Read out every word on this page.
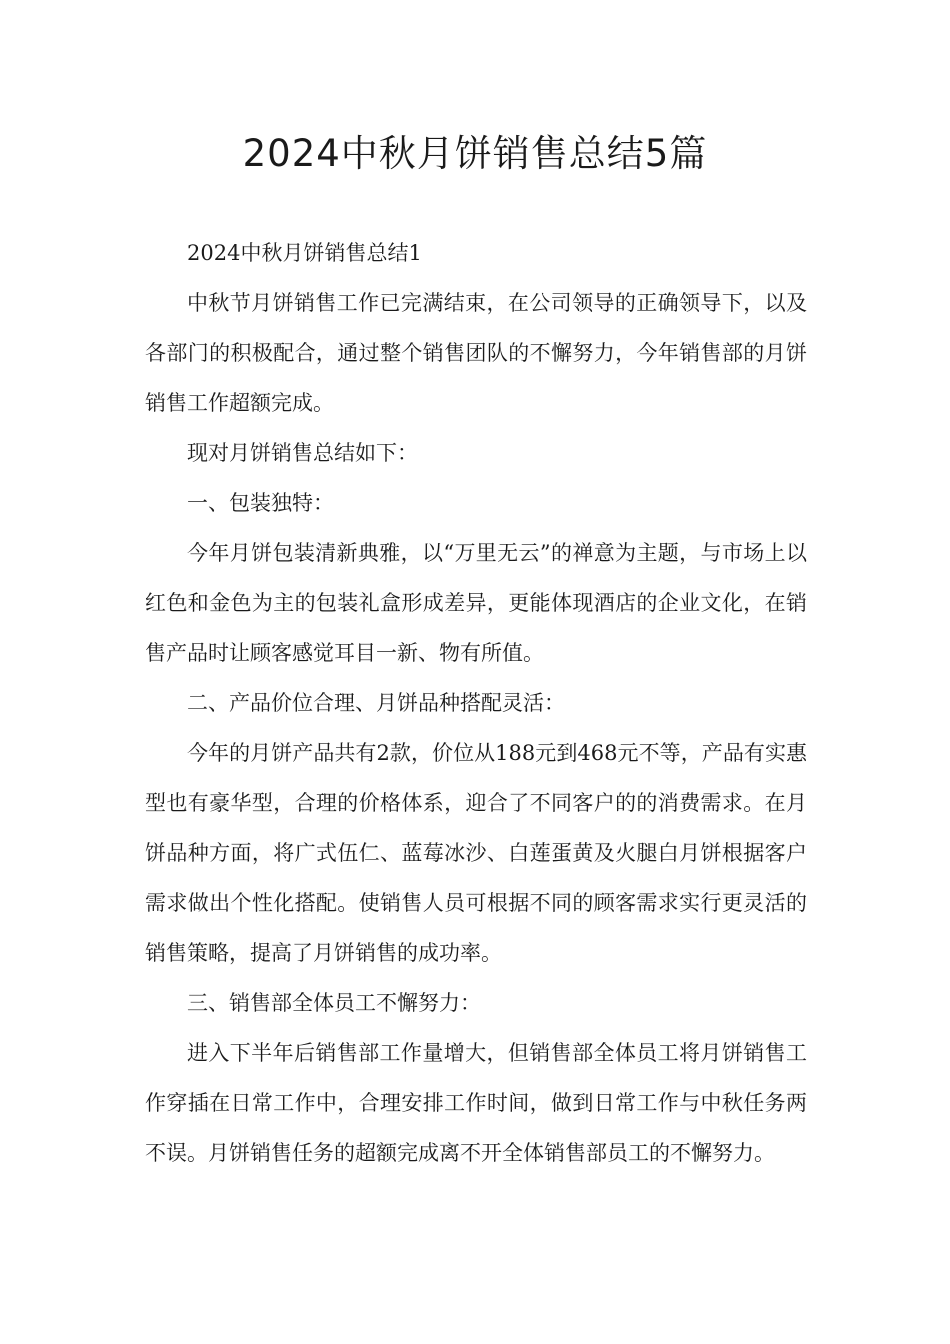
2024中秋月饼销售总结5篇

2024中秋月饼销售总结1

中秋节月饼销售工作已完满结束，在公司领导的正确领导下，以及各部门的积极配合，通过整个销售团队的不懈努力，今年销售部的月饼销售工作超额完成。

现对月饼销售总结如下：

一、包装独特：

今年月饼包装清新典雅，以“万里无云”的禅意为主题，与市场上以红色和金色为主的包装礼盒形成差异，更能体现酒店的企业文化，在销售产品时让顾客感觉耳目一新、物有所值。

二、产品价位合理、月饼品种搭配灵活：

今年的月饼产品共有2款，价位从188元到468元不等，产品有实惠型也有豪华型，合理的价格体系，迎合了不同客户的的消费需求。在月饼品种方面，将广式伍仁、蓝莓冰沙、白莲蛋黄及火腿白月饼根据客户需求做出个性化搭配。使销售人员可根据不同的顾客需求实行更灵活的销售策略，提高了月饼销售的成功率。

三、销售部全体员工不懈努力：

进入下半年后销售部工作量增大，但销售部全体员工将月饼销售工作穿插在日常工作中，合理安排工作时间，做到日常工作与中秋任务两不误。月饼销售任务的超额完成离不开全体销售部员工的不懈努力。
